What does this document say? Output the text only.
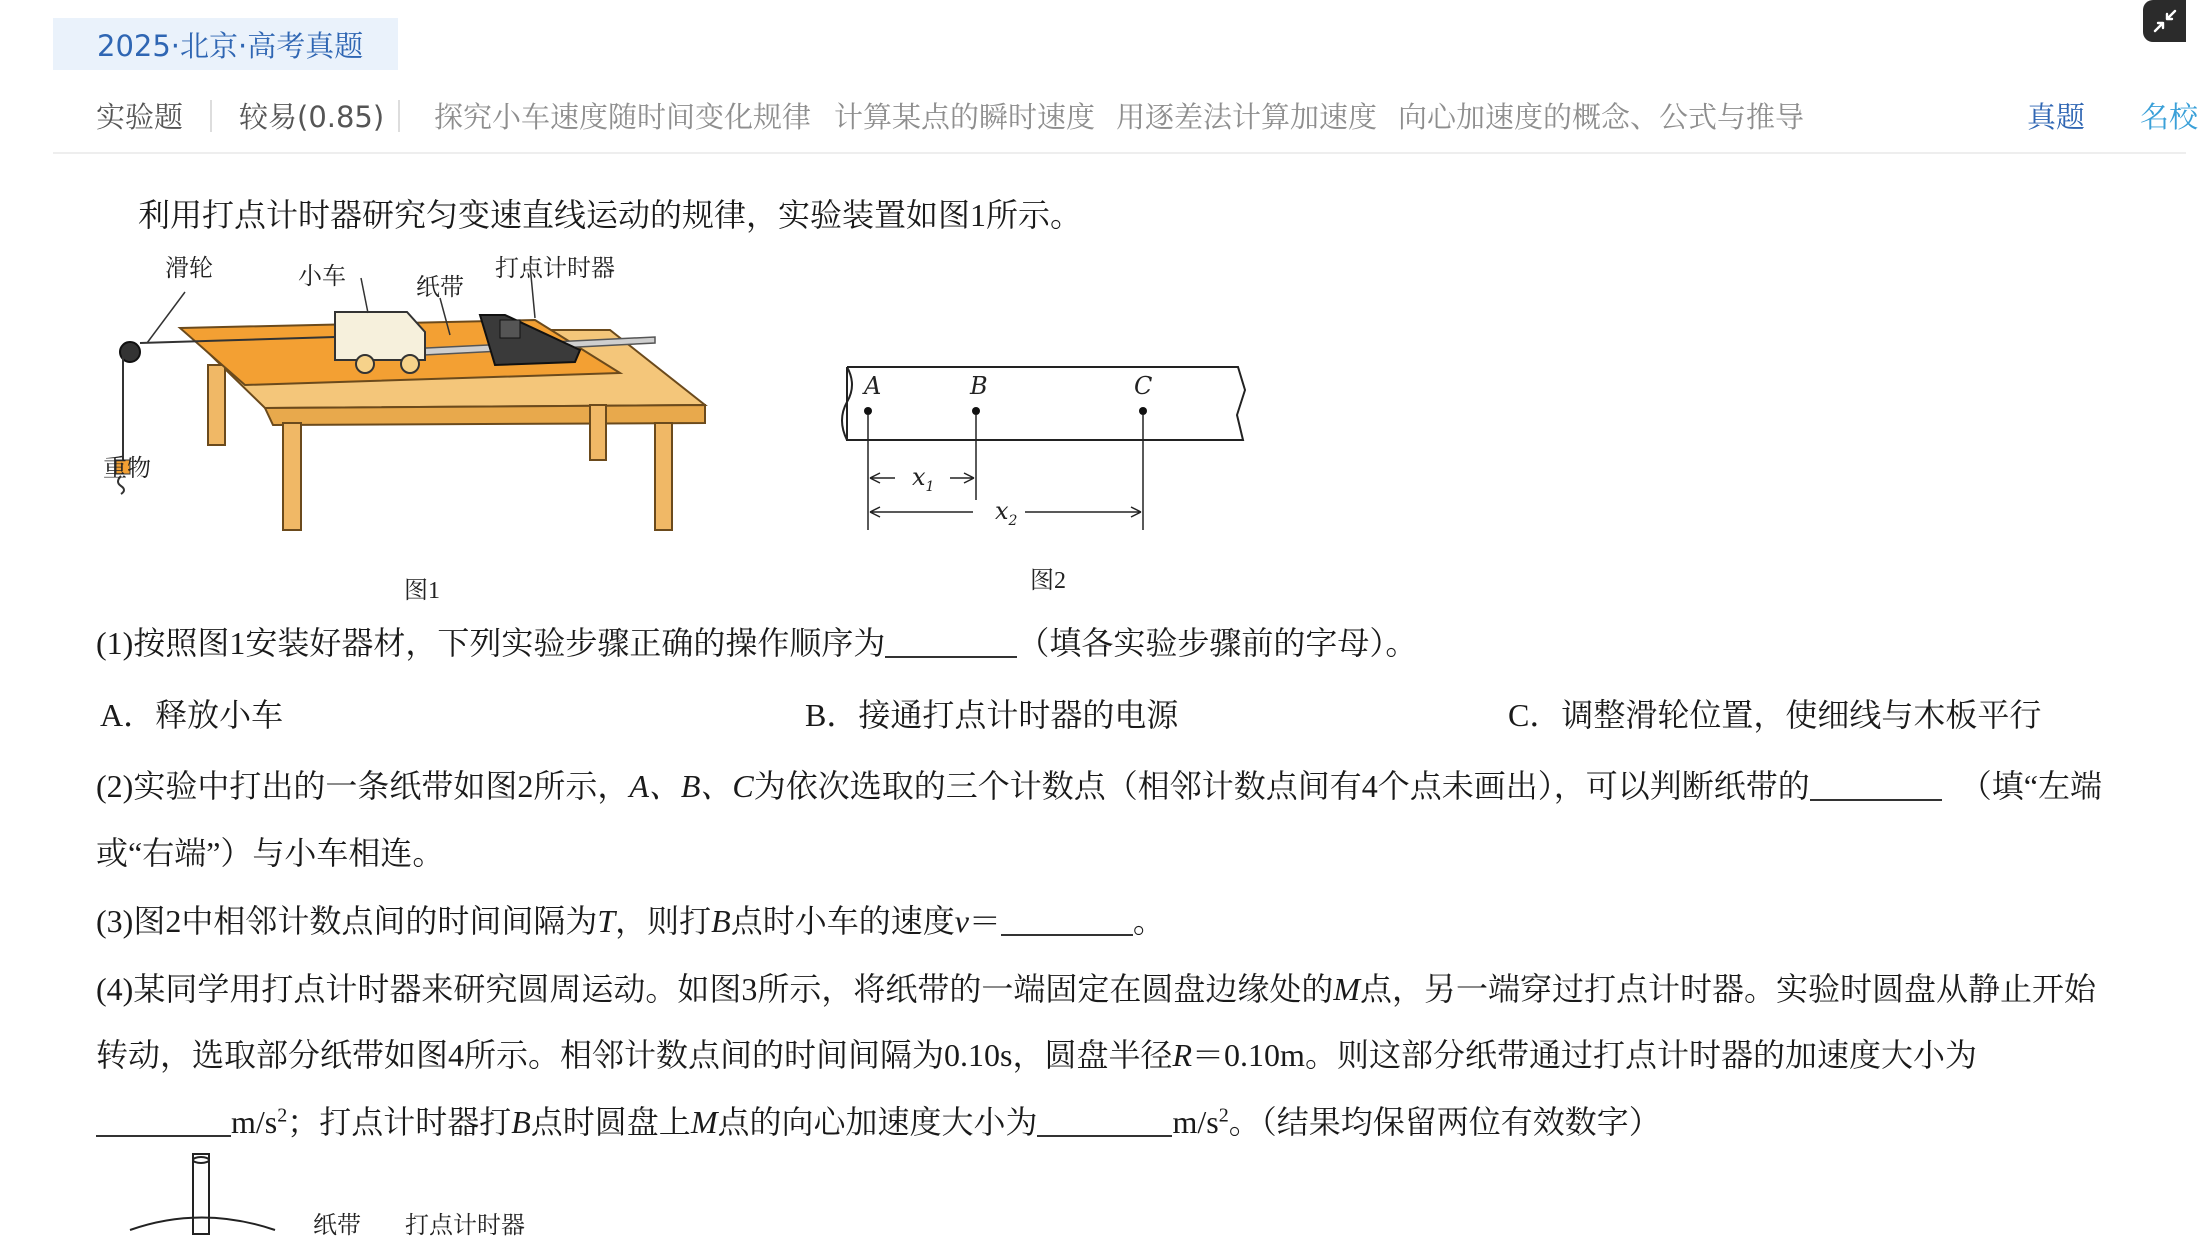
2025·北京·高考真题
实验题 较易(0.85) 探究小车速度随时间变化规律 计算某点的瞬时速度 用逐差法计算加速度 向心加速度的概念、公式与推导	真题 名校
利用打点计时器研究匀变速直线运动的规律，实验装置如图1所示。
滑轮	小车	纸带
打点计时器
重物
图1
A	B	C
$x_1$
$x_2$
图2
(1)按照图1安装好器材，下列实验步骤正确的操作顺序为	（填各实验步骤前的字母）。
A．释放小车	B．接通打点计时器的电源	C．调整滑轮位置，使细线与木板平行
(2)实验中打出的一条纸带如图2所示，A、B、C为依次选取的三个计数点（相邻计数点间有4个点未画出），可以判断纸带的	（填“左端
或“右端”）与小车相连。
(3)图2中相邻计数点间的时间间隔为T，则打B点时小车的速度v＝	。
(4)某同学用打点计时器来研究圆周运动。如图3所示，将纸带的一端固定在圆盘边缘处的M点，另一端穿过打点计时器。实验时圆盘从静止开始
转动，选取部分纸带如图4所示。相邻计数点间的时间间隔为0.10s，圆盘半径R＝0.10m。则这部分纸带通过打点计时器的加速度大小为
$m/s^2$；打点计时器打B点时圆盘上M点的向心加速度大小为	$m/s^2$。（结果均保留两位有效数字）
纸带 打点计时器
